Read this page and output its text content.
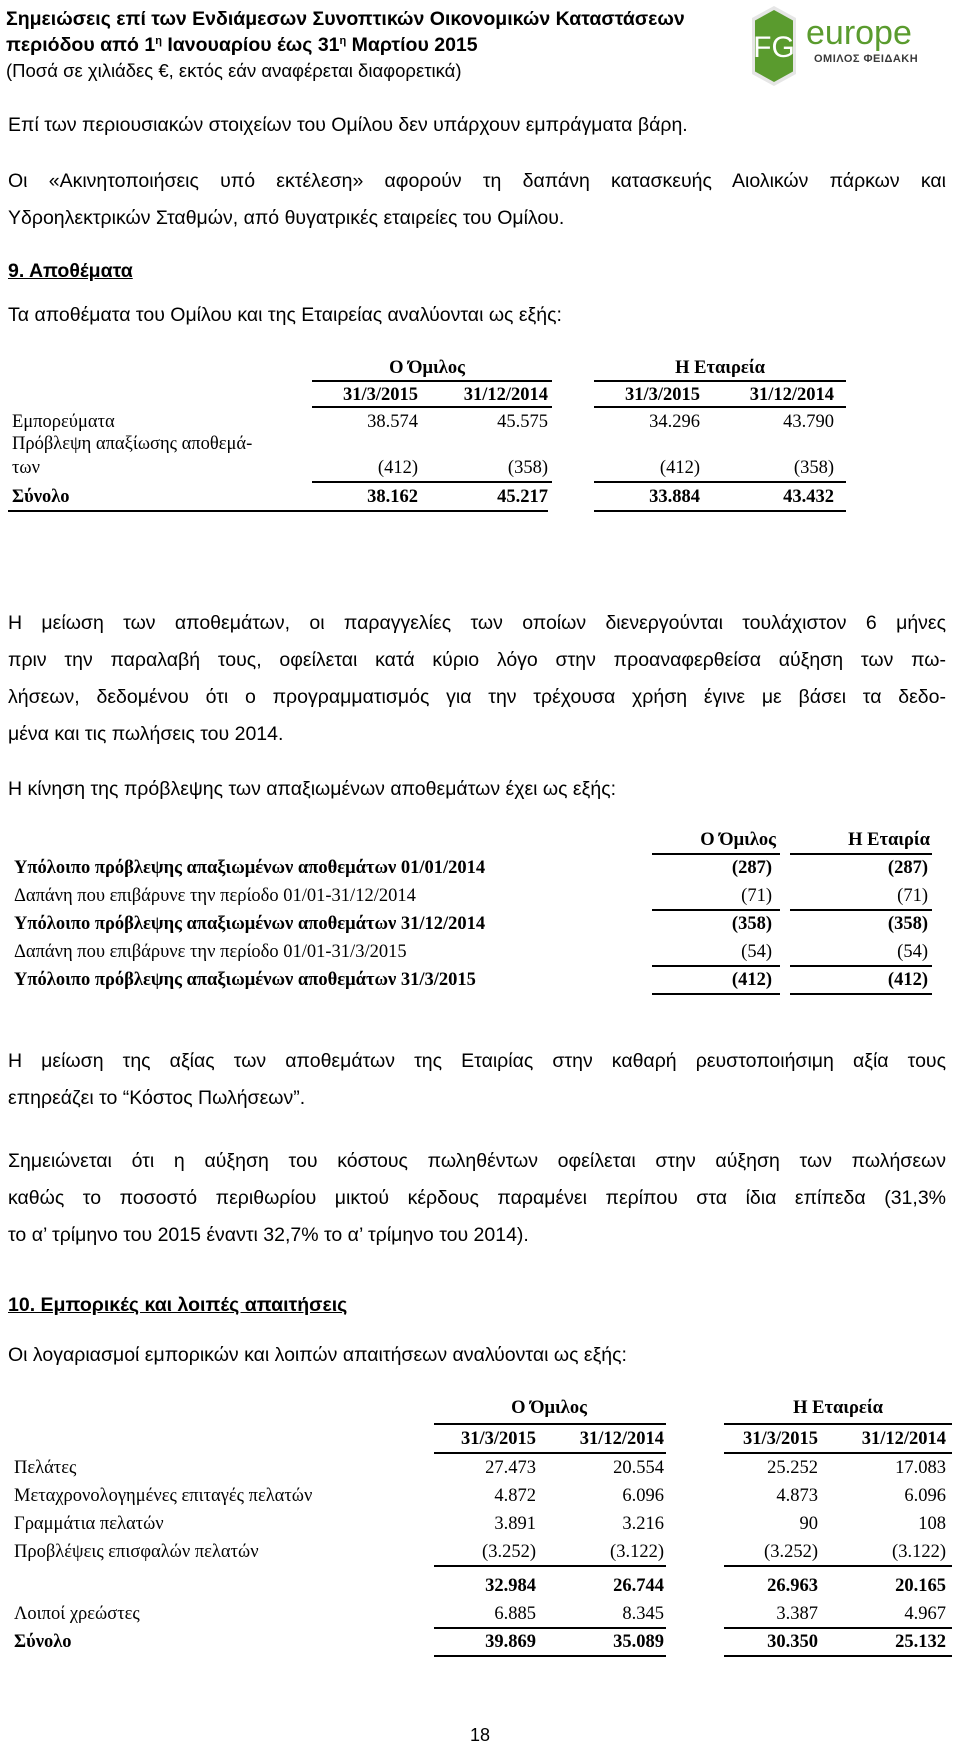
Σημειώσεις επί των Ενδιάμεσων Συνοπτικών Οικονομικών Καταστάσεων
περιόδου από $1^\eta$ Ιανουαρίου έως $31^\eta$ Μαρτίου 2015
(Ποσά σε χιλιάδες €, εκτός εάν αναφέρεται διαφορετικά)
FG europe
ΟΜΙΛΟΣ ΦΕΙΔΑΚΗ
Επί των περιουσιακών στοιχείων του Ομίλου δεν υπάρχουν εμπράγματα βάρη.
Οι «Ακινητοποιήσεις υπό εκτέλεση» αφορούν τη δαπάνη κατασκευής Αιολικών πάρκων και
Υδροηλεκτρικών Σταθμών, από θυγατρικές εταιρείες του Ομίλου.
9. Αποθέματα
Τα αποθέματα του Ομίλου και της Εταιρείας αναλύονται ως εξής:
Ο Όμιλος	Η Εταιρεία
31/3/2015	31/12/2014	31/3/2015	31/12/2014
Εμπορεύματα	38.574	45.575	34.296	43.790
Πρόβλεψη απαξίωσης αποθεμά-
των	(412)	(358)	(412)	(358)
Σύνολο	38.162	45.217	33.884	43.432
Η μείωση των αποθεμάτων, οι παραγγελίες των οποίων διενεργούνται τουλάχιστον 6 μήνες
πριν την παραλαβή τους, οφείλεται κατά κύριο λόγο στην προαναφερθείσα αύξηση των πω-
λήσεων, δεδομένου ότι ο προγραμματισμός για την τρέχουσα χρήση έγινε με βάσει τα δεδο-
μένα και τις πωλήσεις του 2014.
Η κίνηση της πρόβλεψης των απαξιωμένων αποθεμάτων έχει ως εξής:
Ο Όμιλος	Η Εταιρία
Υπόλοιπο πρόβλεψης απαξιωμένων αποθεμάτων 01/01/2014	(287)	(287)
Δαπάνη που επιβάρυνε την περίοδο 01/01-31/12/2014	(71)	(71)
Υπόλοιπο πρόβλεψης απαξιωμένων αποθεμάτων 31/12/2014	(358)	(358)
Δαπάνη που επιβάρυνε την περίοδο 01/01-31/3/2015	(54)	(54)
Υπόλοιπο πρόβλεψης απαξιωμένων αποθεμάτων 31/3/2015	(412)	(412)
Η μείωση της αξίας των αποθεμάτων της Εταιρίας στην καθαρή ρευστοποιήσιμη αξία τους
επηρεάζει το “Κόστος Πωλήσεων”.
Σημειώνεται ότι η αύξηση του κόστους πωληθέντων οφείλεται στην αύξηση των πωλήσεων
καθώς το ποσοστό περιθωρίου μικτού κέρδους παραμένει περίπου στα ίδια επίπεδα (31,3%
το α’ τρίμηνο του 2015 έναντι 32,7% το α’ τρίμηνο του 2014).
10. Εμπορικές και λοιπές απαιτήσεις
Οι λογαριασμοί εμπορικών και λοιπών απαιτήσεων αναλύονται ως εξής:
Ο Όμιλος	Η Εταιρεία
31/3/2015	31/12/2014	31/3/2015	31/12/2014
Πελάτες	27.473	20.554	25.252	17.083
Μεταχρονολογημένες επιταγές πελατών	4.872	6.096	4.873	6.096
Γραμμάτια πελατών	3.891	3.216	90	108
Προβλέψεις επισφαλών πελατών	(3.252)	(3.122)	(3.252)	(3.122)
32.984	26.744	26.963	20.165
Λοιποί χρεώστες	6.885	8.345	3.387	4.967
Σύνολο	39.869	35.089	30.350	25.132
18
